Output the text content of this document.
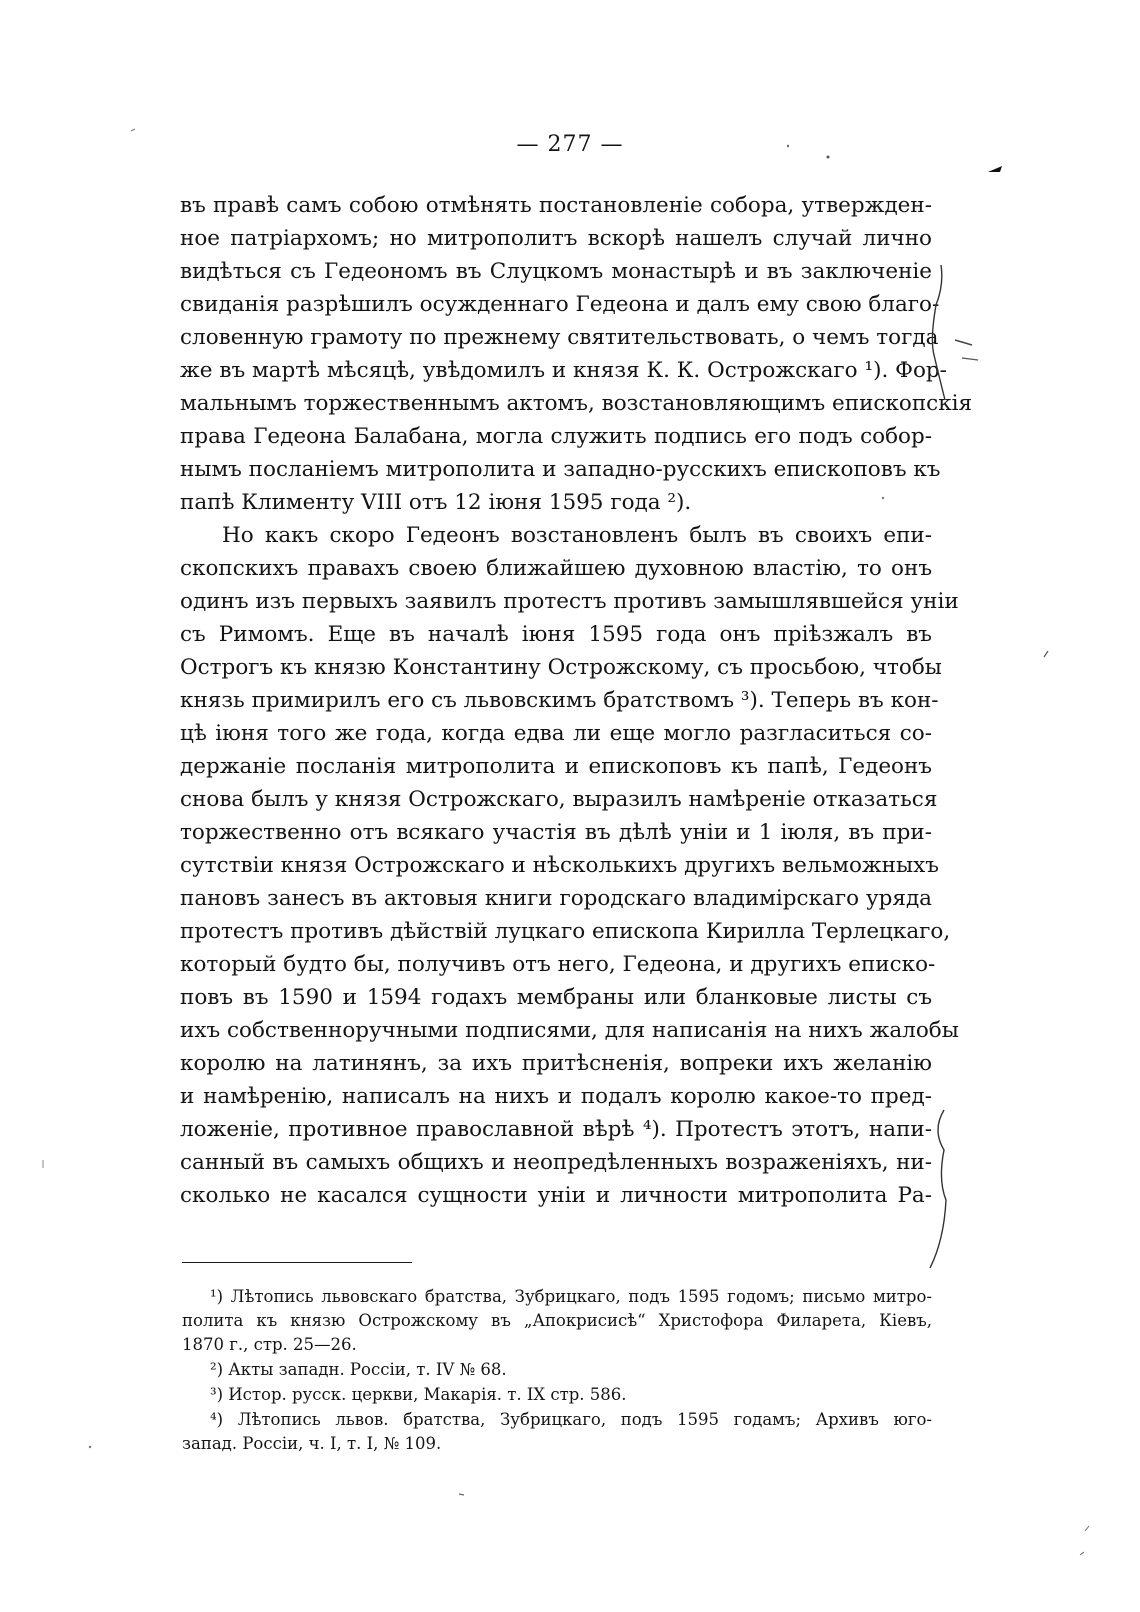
— 277 —
въ правѣ самъ собою отмѣнять постановленіе собора, утвержден-
ное патріархомъ; но митрополитъ вскорѣ нашелъ случай лично
видѣться съ Гедеономъ въ Слуцкомъ монастырѣ и въ заключеніе
свиданія разрѣшилъ осужденнаго Гедеона и далъ ему свою благо-
словенную грамоту по прежнему святительствовать, о чемъ тогда
же въ мартѣ мѣсяцѣ, увѣдомилъ и князя К. К. Острожскаго ¹). Фор-
мальнымъ торжественнымъ актомъ, возстановляющимъ епископскія
права Гедеона Балабана, могла служить подпись его подъ собор-
нымъ посланіемъ митрополита и западно-русскихъ епископовъ къ
папѣ Клименту VIII отъ 12 іюня 1595 года ²).
Но какъ скоро Гедеонъ возстановленъ былъ въ своихъ епи-
скопскихъ правахъ своею ближайшею духовною властію, то онъ
одинъ изъ первыхъ заявилъ протестъ противъ замышлявшейся уніи
съ Римомъ. Еще въ началѣ іюня 1595 года онъ пріѣзжалъ въ
Острогъ къ князю Константину Острожскому, съ просьбою, чтобы
князь примирилъ его съ львовскимъ братствомъ ³). Теперь въ кон-
цѣ іюня того же года, когда едва ли еще могло разгласиться со-
держаніе посланія митрополита и епископовъ къ папѣ, Гедеонъ
снова былъ у князя Острожскаго, выразилъ намѣреніе отказаться
торжественно отъ всякаго участія въ дѣлѣ уніи и 1 іюля, въ при-
сутствіи князя Острожскаго и нѣсколькихъ другихъ вельможныхъ
пановъ занесъ въ актовыя книги городскаго владимірскаго уряда
протестъ противъ дѣйствій луцкаго епископа Кирилла Терлецкаго,
который будто бы, получивъ отъ него, Гедеона, и другихъ еписко-
повъ въ 1590 и 1594 годахъ мембраны или бланковые листы съ
ихъ собственноручными подписями, для написанія на нихъ жалобы
королю на латинянъ, за ихъ притѣсненія, вопреки ихъ желанію
и намѣренію, написалъ на нихъ и подалъ королю какое-то пред-
ложеніе, противное православной вѣрѣ ⁴). Протестъ этотъ, напи-
санный въ самыхъ общихъ и неопредѣленныхъ возраженіяхъ, ни-
сколько не касался сущности уніи и личности митрополита Ра-
¹) Лѣтопись львовскаго братства, Зубрицкаго, подъ 1595 годомъ; письмо митро-
полита къ князю Острожскому въ „Апокрисисѣ“ Христофора Филарета, Кіевъ,
1870 г., стр. 25—26.
²) Акты западн. Россіи, т. IV № 68.
³) Истор. русск. церкви, Макарія. т. IX стр. 586.
⁴) Лѣтопись львов. братства, Зубрицкаго, подъ 1595 годамъ; Архивъ юго-
запад. Россіи, ч. I, т. I, № 109.
